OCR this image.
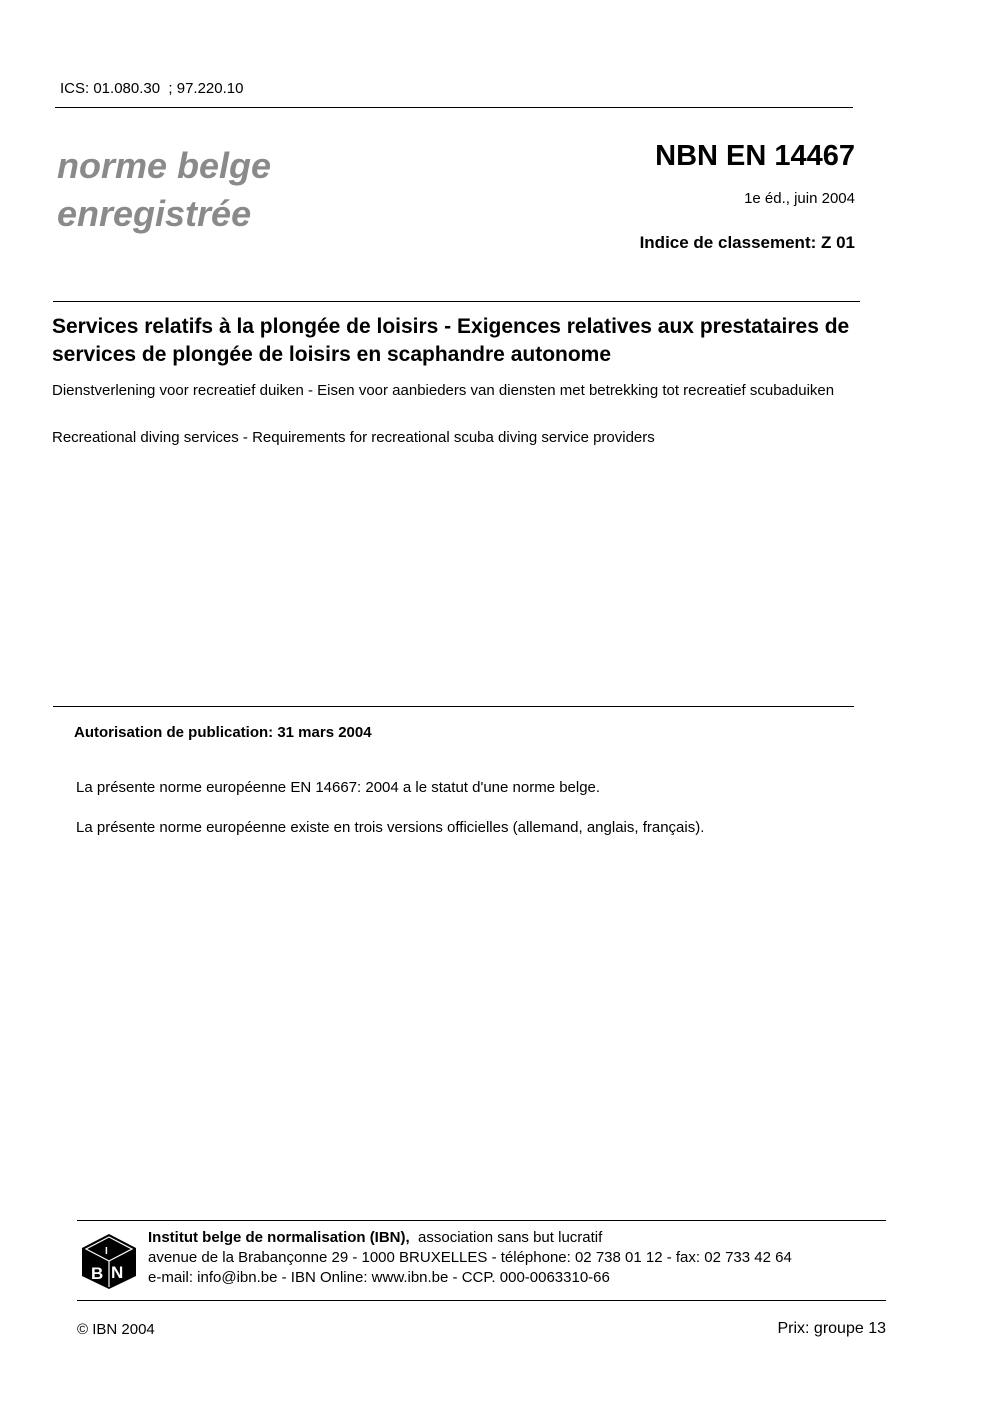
ICS: 01.080.30  ; 97.220.10
norme belge
enregistrée
NBN EN 14467
1e éd., juin 2004
Indice de classement: Z 01
Services relatifs à la plongée de loisirs - Exigences relatives aux prestataires de services de plongée de loisirs en scaphandre autonome
Dienstverlening voor recreatief duiken - Eisen voor aanbieders van diensten met betrekking tot recreatief scubaduiken
Recreational diving services - Requirements for recreational scuba diving service providers
Autorisation de publication: 31 mars 2004
La présente norme européenne EN 14667: 2004 a le statut d'une norme belge.
La présente norme européenne existe en trois versions officielles (allemand, anglais, français).
B N
I
Institut belge de normalisation (IBN), association sans but lucratif
avenue de la Brabançonne 29 - 1000 BRUXELLES - téléphone: 02 738 01 12 - fax: 02 733 42 64
e-mail: info@ibn.be - IBN Online: www.ibn.be - CCP. 000-0063310-66
© IBN 2004	Prix: groupe 13
